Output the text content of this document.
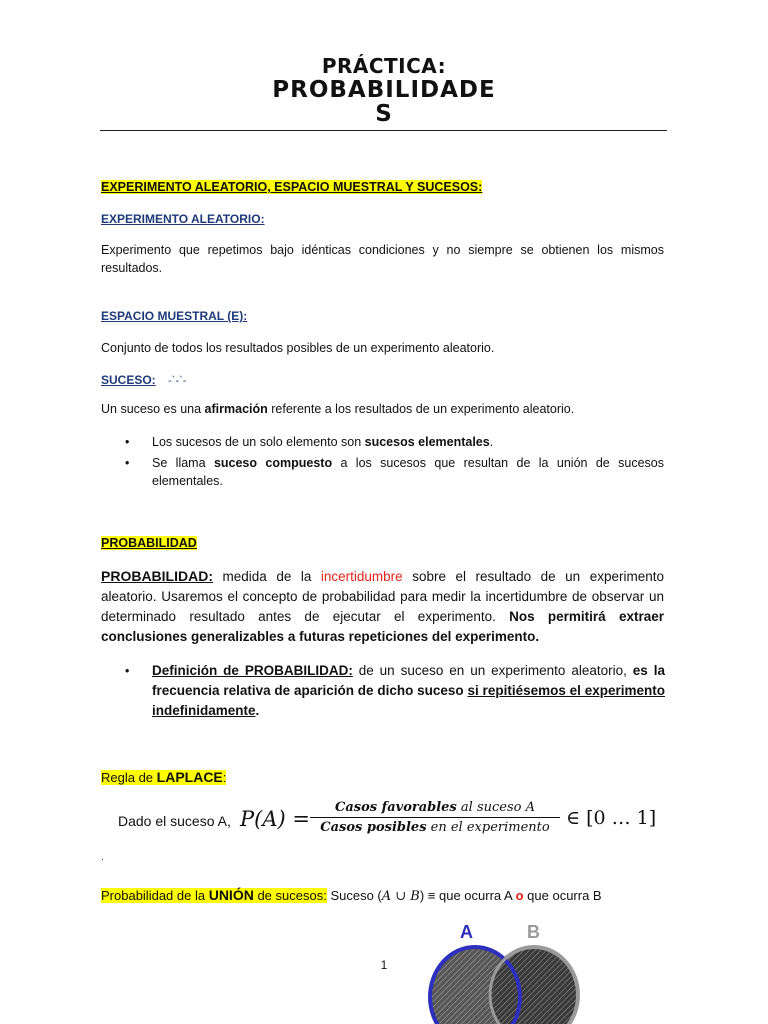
PRÁCTICA:
PROBABILIDADE
S
EXPERIMENTO ALEATORIO, ESPACIO MUESTRAL Y SUCESOS:
EXPERIMENTO ALEATORIO:
Experimento que repetimos bajo idénticas condiciones y no siempre se obtienen los mismos resultados.
ESPACIO MUESTRAL (E):
Conjunto de todos los resultados posibles de un experimento aleatorio.
SUCESO: -`-`-
Un suceso es una afirmación referente a los resultados de un experimento aleatorio.
• Los sucesos de un solo elemento son sucesos elementales.
• Se llama suceso compuesto a los sucesos que resultan de la unión de sucesos elementales.
PROBABILIDAD
PROBABILIDAD: medida de la incertidumbre sobre el resultado de un experimento aleatorio. Usaremos el concepto de probabilidad para medir la incertidumbre de observar un determinado resultado antes de ejecutar el experimento. Nos permitirá extraer conclusiones generalizables a futuras repeticiones del experimento.
• Definición de PROBABILIDAD: de un suceso en un experimento aleatorio, es la frecuencia relativa de aparición de dicho suceso si repitiésemos el experimento indefinidamente.
Regla de LAPLACE:
Dado el suceso A, P(A) =	Casos favorables al suceso A
Casos posibles en el experimento ∈ [0 … 1]
.
Probabilidad de la UNIÓN de sucesos: Suceso (A ∪ B) ≡ que ocurra A o que ocurra B
A	B
1
